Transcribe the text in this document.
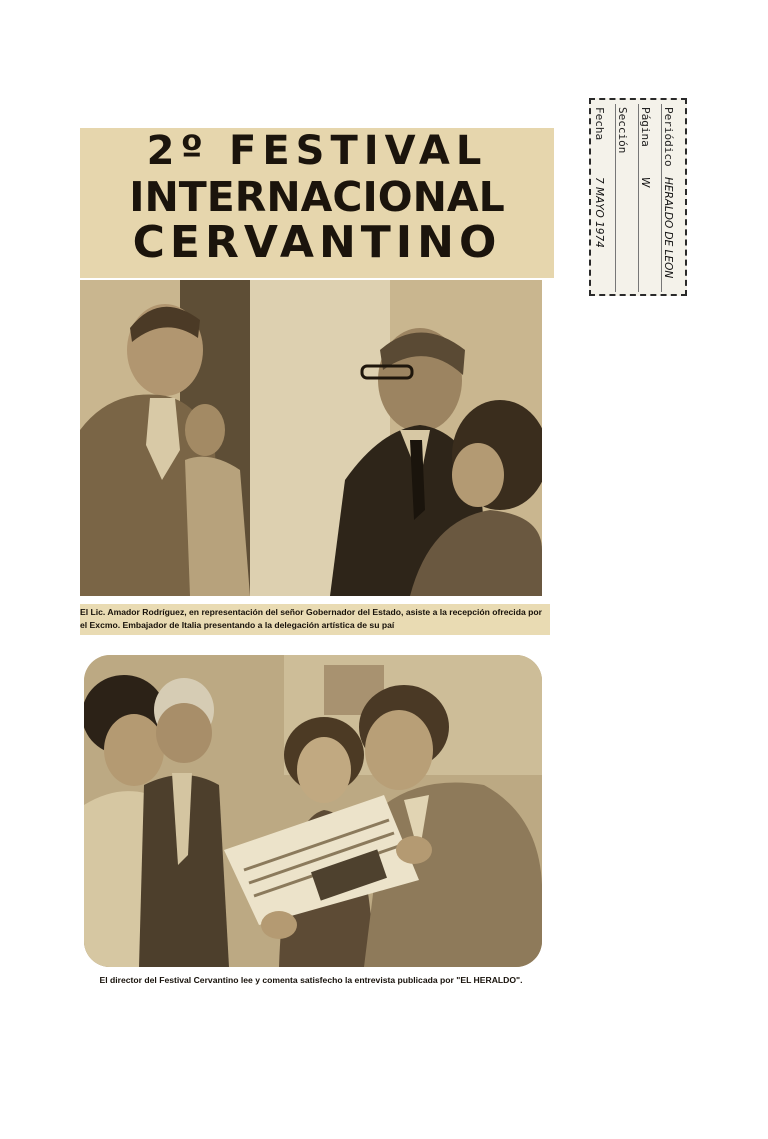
2º FESTIVAL
INTERNACIONAL
CERVANTINO
El Lic. Amador Rodríguez, en representación del señor Gobernador del Estado, asiste a la recepción ofrecida por el Excmo. Embajador de Italia presentando a la delegación artística de su paí
El director del Festival Cervantino lee y comenta satisfecho la entrevista publicada por "EL HERALDO".
Periódico
HERALDO DE LEON
Página
W
Sección
Fecha
7 MAYO 1974
